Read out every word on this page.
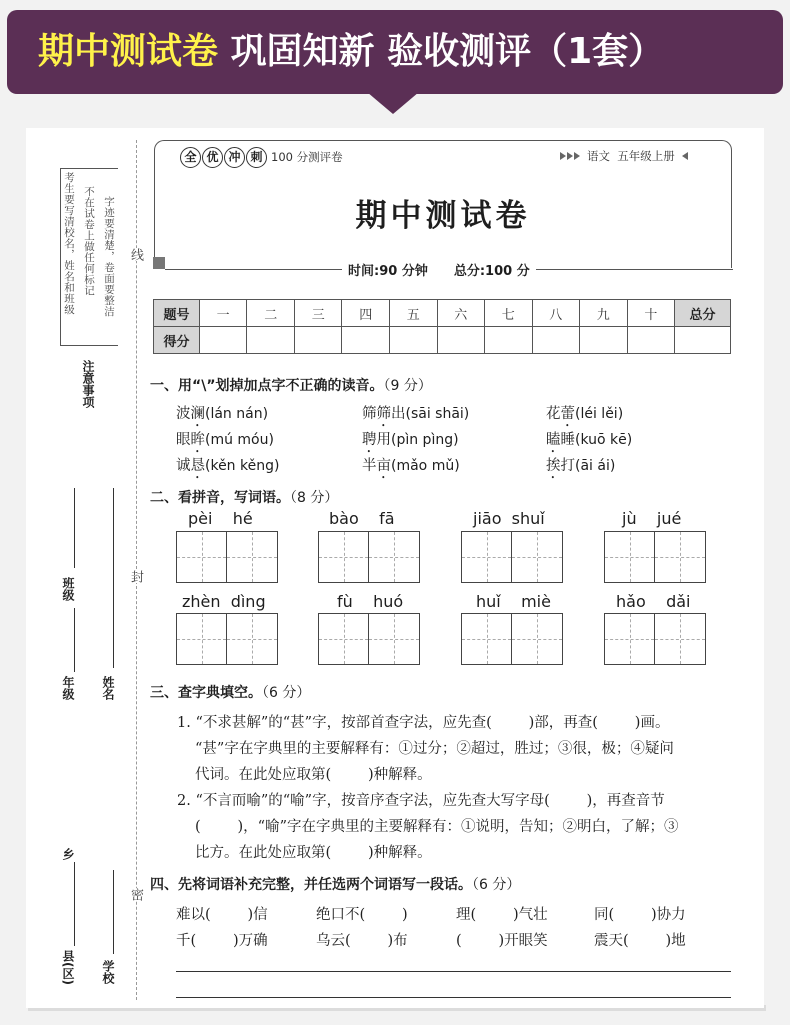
期中测试卷 巩固知新 验收测评（1套）
考生要写清校名，姓名和班级 不在试卷上做任何标记 字迹要清楚，卷面要整洁
注意事项
班级
年级
乡
县(区)
姓名
学校
线
封
密
全 优 冲 刺 100 分测评卷	语文  五年级上册
期中测试卷
时间:90 分钟 总分:100 分
题号	一	二	三	四	五	六	七	八	九	十	总分
得分											
一、用“\”划掉加点字不正确的读音。（9 分）
波澜(lán nán)	筛筛出(sāi shāi)	花蕾(léi lěi)
眼眸(mú móu)	聘用(pìn pìng)	瞌睡(kuō kē)
诚恳(kěn kěng)	半亩(mǎo mǔ)	挨打(āi ái)
二、看拼音，写词语。（8 分）
pèi    hé	bào    fā	jiāo  shuǐ	jù    jué
zhèn  dìng	fù    huó	huǐ    miè	hǎo    dǎi
三、查字典填空。（6 分）
1. “不求甚解”的“甚”字，按部首查字法，应先查(        )部，再查(        )画。
“甚”字在字典里的主要解释有：①过分；②超过，胜过；③很，极；④疑问
代词。在此处应取第(        )种解释。
2. “不言而喻”的“喻”字，按音序查字法，应先查大写字母(        )，再查音节
(        )，“喻”字在字典里的主要解释有：①说明，告知；②明白，了解；③
比方。在此处应取第(        )种解释。
四、先将词语补充完整，并任选两个词语写一段话。（6 分）
难以(        )信	绝口不(        )	理(        )气壮	同(        )协力
千(        )万确	乌云(        )布	(        )开眼笑	震天(        )地
